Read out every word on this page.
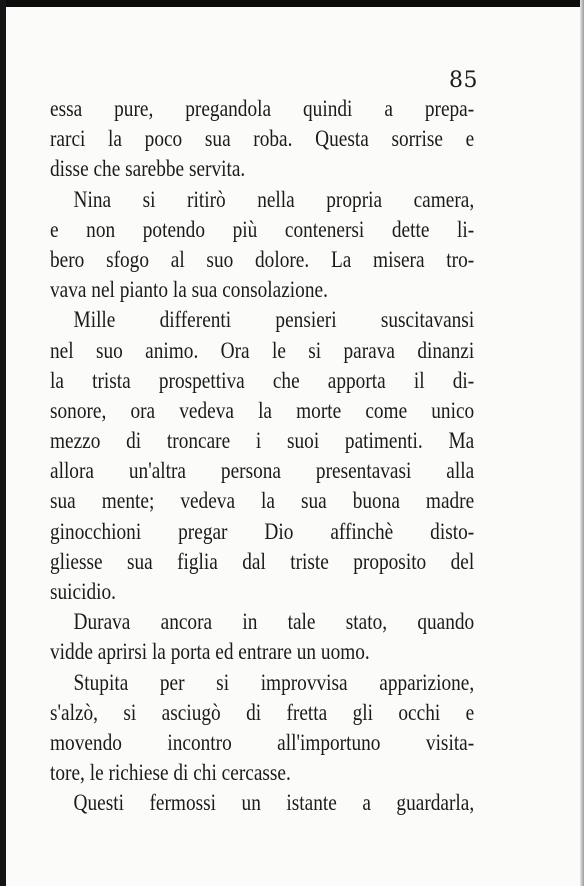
85
essa pure, pregandola quindi a prepa-
rarci la poco sua roba. Questa sorrise e
disse che sarebbe servita.
Nina si ritirò nella propria camera,
e non potendo più contenersi dette li-
bero sfogo al suo dolore. La misera tro-
vava nel pianto la sua consolazione.
Mille differenti pensieri suscitavansi
nel suo animo. Ora le si parava dinanzi
la trista prospettiva che apporta il di-
sonore, ora vedeva la morte come unico
mezzo di troncare i suoi patimenti. Ma
allora un'altra persona presentavasi alla
sua mente; vedeva la sua buona madre
ginocchioni pregar Dio affinchè disto-
gliesse sua figlia dal triste proposito del
suicidio.
Durava ancora in tale stato, quando
vidde aprirsi la porta ed entrare un uomo.
Stupita per si improvvisa apparizione,
s'alzò, si asciugò di fretta gli occhi e
movendo incontro all'importuno visita-
tore, le richiese di chi cercasse.
Questi fermossi un istante a guardarla,
